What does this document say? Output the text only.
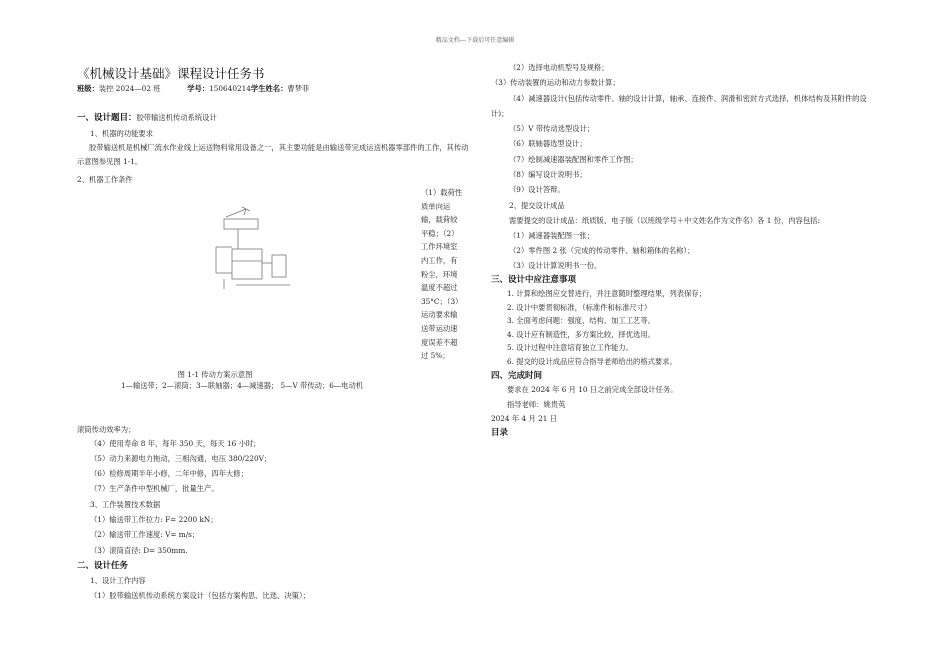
精品文档---下载后可任意编辑
《机械设计基础》课程设计任务书
班级：装控 2024—02 班	学号：150640214学生姓名：曹梦菲
一、设计题目：胶带输送机传动系统设计
1、机器的功能要求
胶带输送机是机械厂流水作业线上运送物料常用设备之一，其主要功能是由输送带完成运送机器零部件的工作，其传动示意图参见图 1-1。
2、机器工作条件
（1）载荷性质单向运输，载荷较平稳；（2）工作环境室内工作，有粉尘，环境温度不超过35°C；（3）运动要求输送带运动速度误差不超过 5%；
图 1-1 传动方案示意图
1—输送带；2—滚筒；3—联轴器；4—减速器； 5—V 带传动；6—电动机
滚筒传动效率为；
（4）使用寿命 8 年，每年 350 天，每天 16 小时；
（5）动力来源电力拖动，三相沟通，电压 380/220V；
（6）检修周期半年小修，二年中修，四年大修；
（7）生产条件中型机械厂，批量生产。
3、工作装置技术数据
（1）输送带工作拉力: F= 2200 kN；
（2）输送带工作速度: V= m/s；
（3）滚筒直径: D= 350mm.
二、设计任务
1、设计工作内容
（1）胶带输送机传动系统方案设计（包括方案构思、比选、决策）；
（2）选择电动机型号及规格；
（3）传动装置的运动和动力参数计算；
（4）减速器设计(包括传动零件、轴的设计计算，轴承、连接件、润滑和密封方式选择，机体结构及其附件的设计)；
（5）V 带传动选型设计；
（6）联轴器选型设计；
（7）绘制减速器装配图和零件工作图；
（8）编写设计说明书；
（9）设计答辩。
2、提交设计成品
需要提交的设计成品：纸质版、电子版（以班级学号＋中文姓名作为文件名）各 1 份，内容包括:
（1）减速器装配图一张；
（2）零件图 2 张（完成的传动零件、轴和箱体的名称）；
（3）设计计算说明书一份。
三、设计中应注意事项
1. 计算和绘图应交替进行，并注意随时整理结果，列表保存；
2. 设计中要贯彻标准，（标准件和标准尺寸）
3. 全面考虑问题：强度、结构、加工工艺等。
4. 设计应有制造性，多方案比较，择优选用。
5. 设计过程中注意培育独立工作能力。
6. 提交的设计成品应符合指导老师给出的格式要求。
四、完成时间
要求在 2024 年 6 月 10 日之前完成全部设计任务。
指导老师：姚贵英
2024 年 4 月 21 日
目录
